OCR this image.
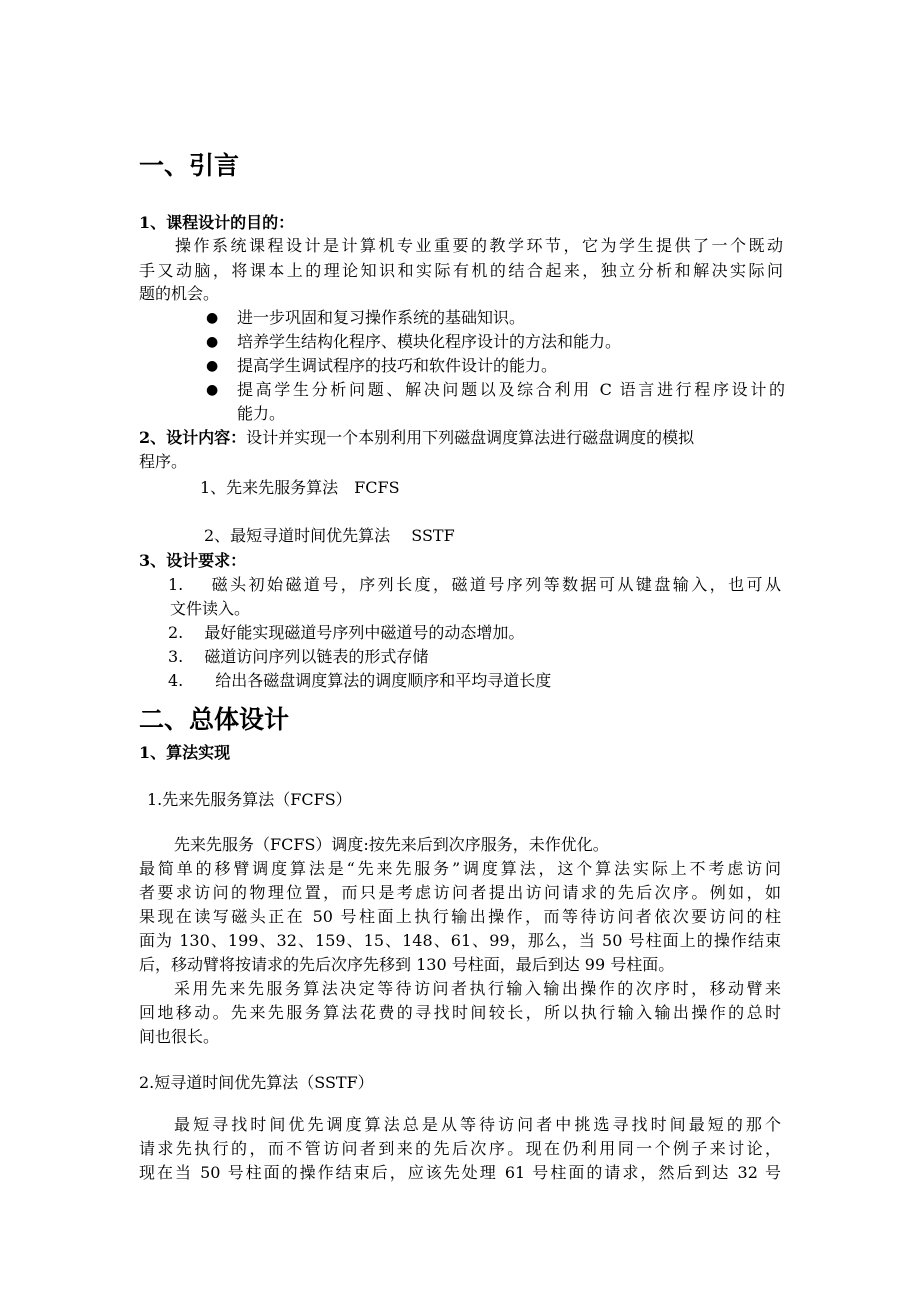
一、引言
1、课程设计的目的：
操作系统课程设计是计算机专业重要的教学环节，它为学生提供了一个既动
手又动脑，将课本上的理论知识和实际有机的结合起来，独立分析和解决实际问
题的机会。
● 进一步巩固和复习操作系统的基础知识。
● 培养学生结构化程序、模块化程序设计的方法和能力。
● 提高学生调试程序的技巧和软件设计的能力。
● 提高学生分析问题、解决问题以及综合利用 C 语言进行程序设计的
能力。
2、设计内容：设计并实现一个本别利用下列磁盘调度算法进行磁盘调度的模拟
程序。
1、先来先服务算法　FCFS
2、最短寻道时间优先算法　 SSTF
3、设计要求：
1.　 磁头初始磁道号，序列长度，磁道号序列等数据可从键盘输入，也可从
文件读入。
2.　 最好能实现磁道号序列中磁道号的动态增加。
3.　 磁道访问序列以链表的形式存储
4.　　给出各磁盘调度算法的调度顺序和平均寻道长度
二、总体设计
1、算法实现
1.先来先服务算法（FCFS）
先来先服务（FCFS）调度:按先来后到次序服务，未作优化。
最简单的移臂调度算法是“先来先服务”调度算法，这个算法实际上不考虑访问
者要求访问的物理位置，而只是考虑访问者提出访问请求的先后次序。例如，如
果现在读写磁头正在 50 号柱面上执行输出操作，而等待访问者依次要访问的柱
面为 130、199、32、159、15、148、61、99，那么，当 50 号柱面上的操作结束
后，移动臂将按请求的先后次序先移到 130 号柱面，最后到达 99 号柱面。
采用先来先服务算法决定等待访问者执行输入输出操作的次序时，移动臂来
回地移动。先来先服务算法花费的寻找时间较长，所以执行输入输出操作的总时
间也很长。
2.短寻道时间优先算法（SSTF）
最短寻找时间优先调度算法总是从等待访问者中挑选寻找时间最短的那个
请求先执行的，而不管访问者到来的先后次序。现在仍利用同一个例子来讨论，
现在当 50 号柱面的操作结束后，应该先处理 61 号柱面的请求，然后到达 32 号
